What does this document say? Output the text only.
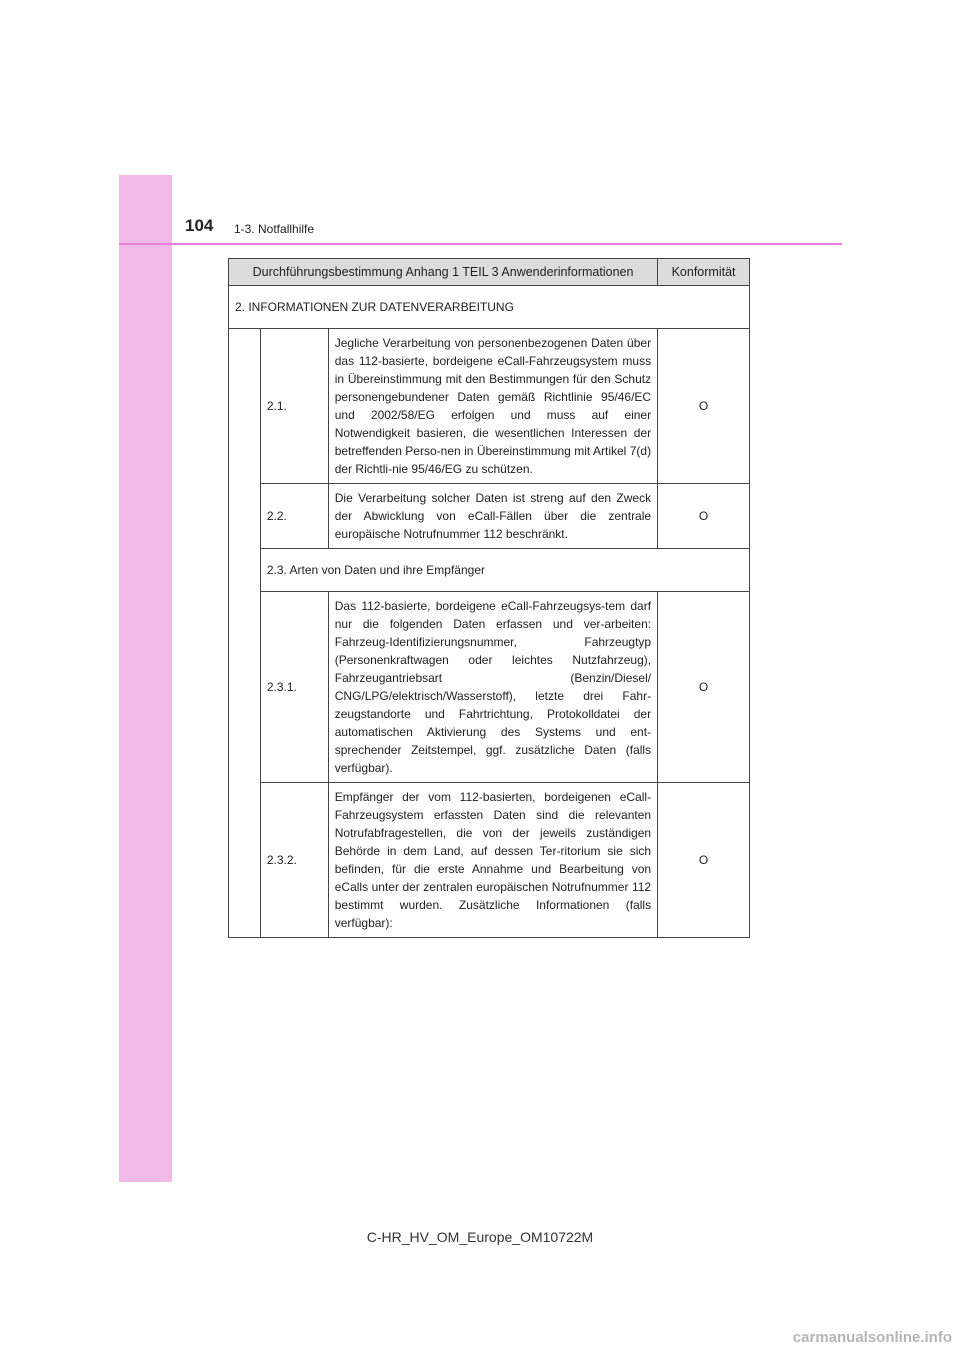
104 1-3. Notfallhilfe
Durchführungsbestimmung Anhang 1 TEIL 3 Anwenderinformationen			Konformität
2. INFORMATIONEN ZUR DATENVERARBEITUNG			
	2.1.	Jegliche Verarbeitung von personenbezogenen Daten über das 112-basierte, bordeigene eCall-Fahrzeugsystem muss in Übereinstimmung mit den Bestimmungen für den Schutz personengebundener Daten gemäß Richtlinie 95/46/EC und 2002/58/EG erfolgen und muss auf einer Notwendigkeit basieren, die wesentlichen Interessen der betreffenden Perso-nen in Übereinstimmung mit Artikel 7(d) der Richtli-nie 95/46/EG zu schützen.	O
	2.2.	Die Verarbeitung solcher Daten ist streng auf den Zweck der Abwicklung von eCall-Fällen über die zentrale europäische Notrufnummer 112 beschränkt.	O
	2.3. Arten von Daten und ihre Empfänger		
	2.3.1.	Das 112-basierte, bordeigene eCall-Fahrzeugsys-tem darf nur die folgenden Daten erfassen und ver-arbeiten: Fahrzeug-Identifizierungsnummer, Fahrzeugtyp (Personenkraftwagen oder leichtes Nutzfahrzeug), Fahrzeugantriebsart (Benzin/Diesel/ CNG/LPG/elektrisch/Wasserstoff), letzte drei Fahr-zeugstandorte und Fahrtrichtung, Protokolldatei der automatischen Aktivierung des Systems und ent-sprechender Zeitstempel, ggf. zusätzliche Daten (falls verfügbar).	O
	2.3.2.	Empfänger der vom 112-basierten, bordeigenen eCall-Fahrzeugsystem erfassten Daten sind die relevanten Notrufabfragestellen, die von der jeweils zuständigen Behörde in dem Land, auf dessen Ter-ritorium sie sich befinden, für die erste Annahme und Bearbeitung von eCalls unter der zentralen europäischen Notrufnummer 112 bestimmt wurden. Zusätzliche Informationen (falls verfügbar):	O
C-HR_HV_OM_Europe_OM10722M
carmanualsonline.info
